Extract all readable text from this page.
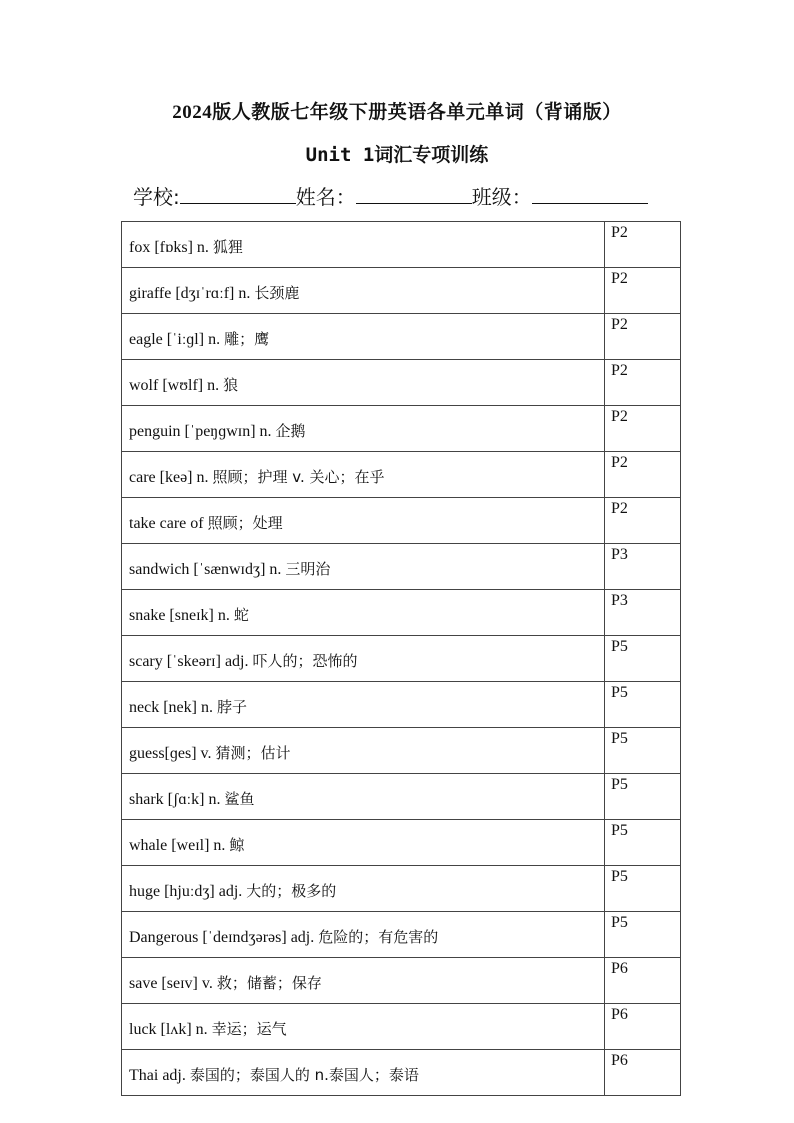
2024版人教版七年级下册英语各单元单词（背诵版）
Unit 1词汇专项训练
学校:	姓名：	班级：
fox [fɒks] n. 狐狸	P2
giraffe [dʒɪˈrɑːf] n. 长颈鹿	P2
eagle [ˈiːɡl] n. 雕；鹰	P2
wolf [wʊlf] n. 狼	P2
penguin [ˈpeŋɡwɪn] n. 企鹅	P2
care [keə] n. 照顾；护理 v. 关心；在乎	P2
take care of 照顾；处理	P2
sandwich [ˈsænwɪdʒ] n. 三明治	P3
snake [sneɪk] n. 蛇	P3
scary [ˈskeərɪ] adj. 吓人的；恐怖的	P5
neck [nek] n. 脖子	P5
guess[ɡes] v. 猜测；估计	P5
shark [ʃɑːk] n. 鲨鱼	P5
whale [weɪl] n. 鲸	P5
huge [hjuːdʒ] adj. 大的；极多的	P5
Dangerous [ˈdeɪndʒərəs] adj. 危险的；有危害的	P5
save [seɪv] v. 救；储蓄；保存	P6
luck [lʌk] n. 幸运；运气	P6
Thai adj. 泰国的；泰国人的 n.泰国人；泰语	P6
